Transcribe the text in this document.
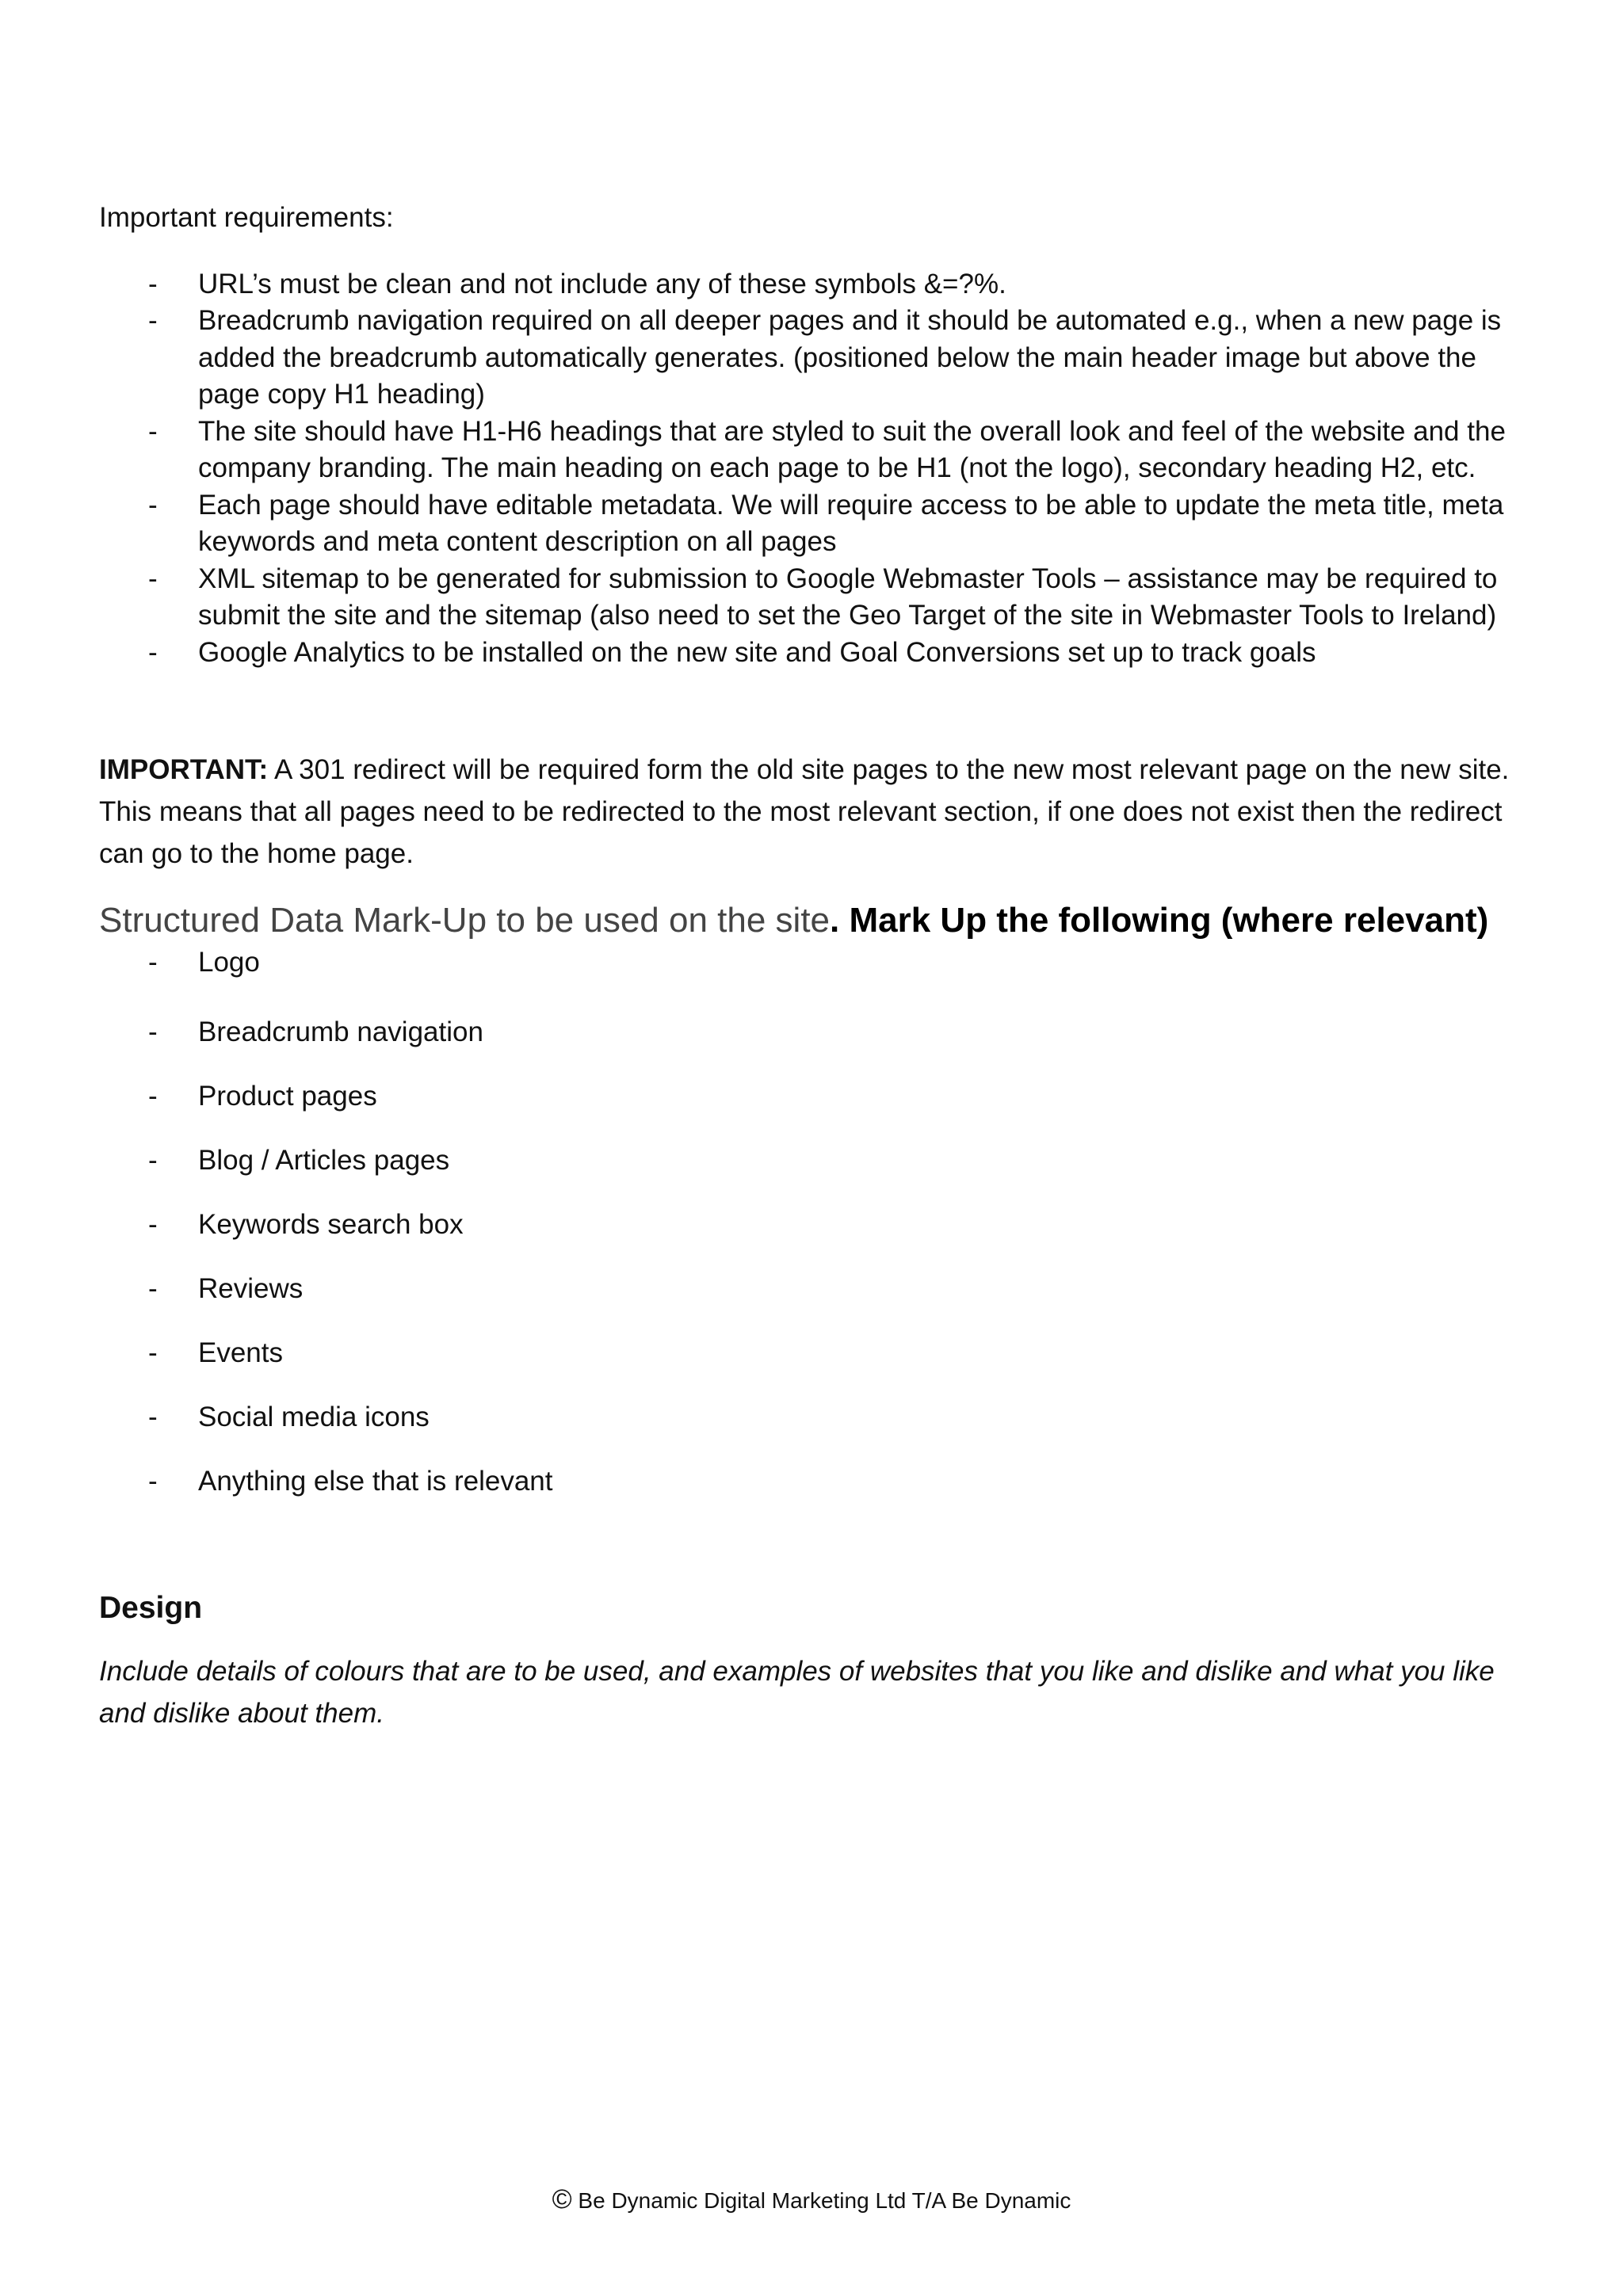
Important requirements:

- URL’s must be clean and not include any of these symbols &=?%.
- Breadcrumb navigation required on all deeper pages and it should be automated e.g., when a new page is added the breadcrumb automatically generates. (positioned below the main header image but above the page copy H1 heading)
- The site should have H1-H6 headings that are styled to suit the overall look and feel of the website and the company branding. The main heading on each page to be H1 (not the logo), secondary heading H2, etc.
- Each page should have editable metadata. We will require access to be able to update the meta title, meta keywords and meta content description on all pages
- XML sitemap to be generated for submission to Google Webmaster Tools – assistance may be required to submit the site and the sitemap (also need to set the Geo Target of the site in Webmaster Tools to Ireland)
- Google Analytics to be installed on the new site and Goal Conversions set up to track goals

IMPORTANT: A 301 redirect will be required form the old site pages to the new most relevant page on the new site. This means that all pages need to be redirected to the most relevant section, if one does not exist then the redirect can go to the home page.

Structured Data Mark-Up to be used on the site. Mark Up the following (where relevant)

- Logo
- Breadcrumb navigation
- Product pages
- Blog / Articles pages
- Keywords search box
- Reviews
- Events
- Social media icons
- Anything else that is relevant
Design

Include details of colours that are to be used, and examples of websites that you like and dislike and what you like and dislike about them.

© Be Dynamic Digital Marketing Ltd T/A Be Dynamic
